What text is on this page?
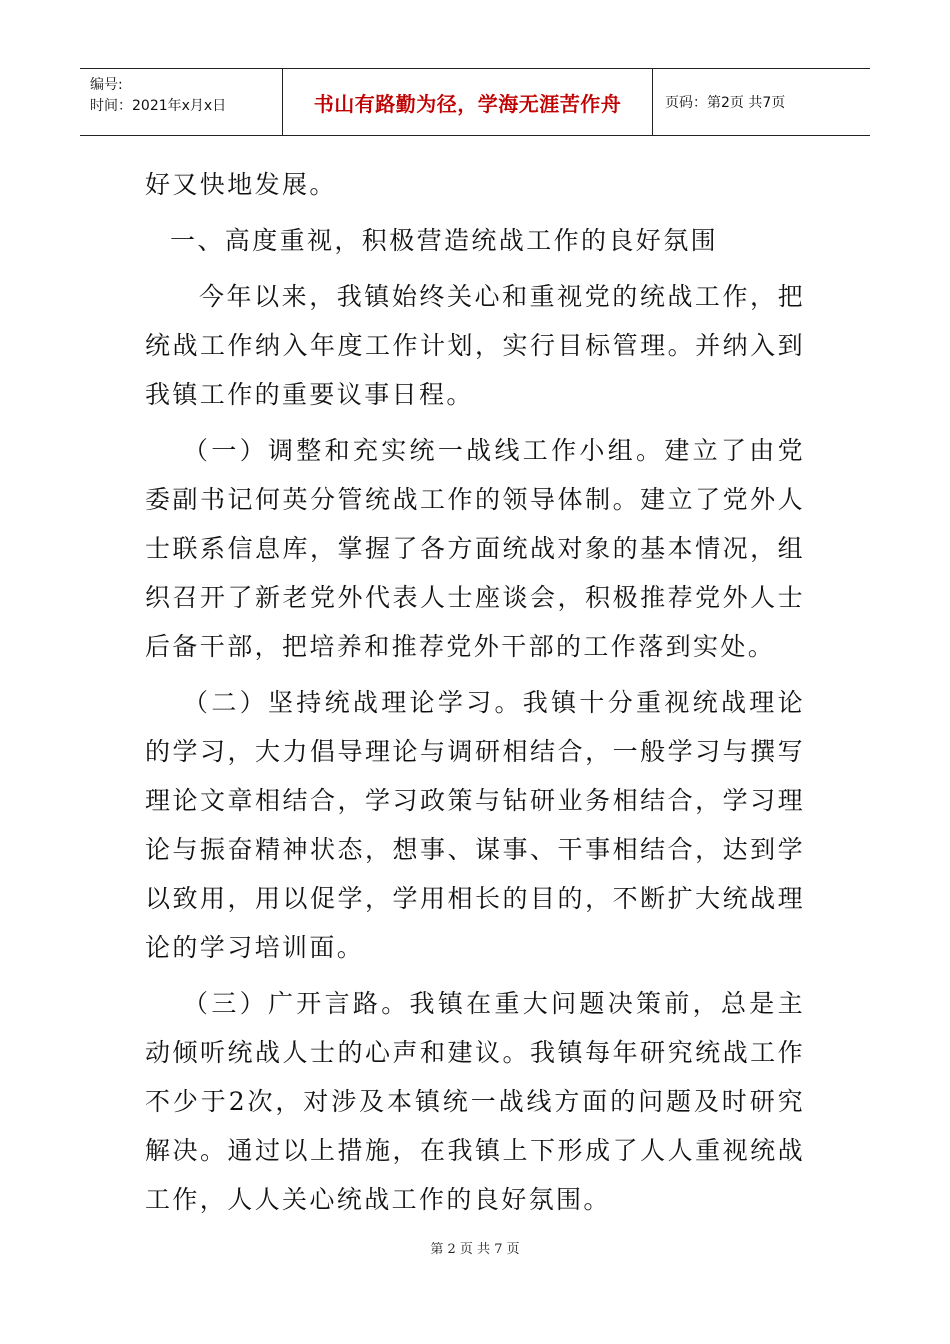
编号:
时间：2021年x月x日	书山有路勤为径，学海无涯苦作舟	页码：第2页 共7页

好又快地发展。

一、高度重视，积极营造统战工作的良好氛围

今年以来，我镇始终关心和重视党的统战工作，把统战工作纳入年度工作计划，实行目标管理。并纳入到我镇工作的重要议事日程。

（一）调整和充实统一战线工作小组。建立了由党委副书记何英分管统战工作的领导体制。建立了党外人士联系信息库，掌握了各方面统战对象的基本情况，组织召开了新老党外代表人士座谈会，积极推荐党外人士后备干部，把培养和推荐党外干部的工作落到实处。

（二）坚持统战理论学习。我镇十分重视统战理论的学习，大力倡导理论与调研相结合，一般学习与撰写理论文章相结合，学习政策与钻研业务相结合，学习理论与振奋精神状态，想事、谋事、干事相结合，达到学以致用，用以促学，学用相长的目的，不断扩大统战理论的学习培训面。

（三）广开言路。我镇在重大问题决策前，总是主动倾听统战人士的心声和建议。我镇每年研究统战工作不少于2次，对涉及本镇统一战线方面的问题及时研究解决。通过以上措施，在我镇上下形成了人人重视统战工作，人人关心统战工作的良好氛围。

第 2 页 共 7 页
